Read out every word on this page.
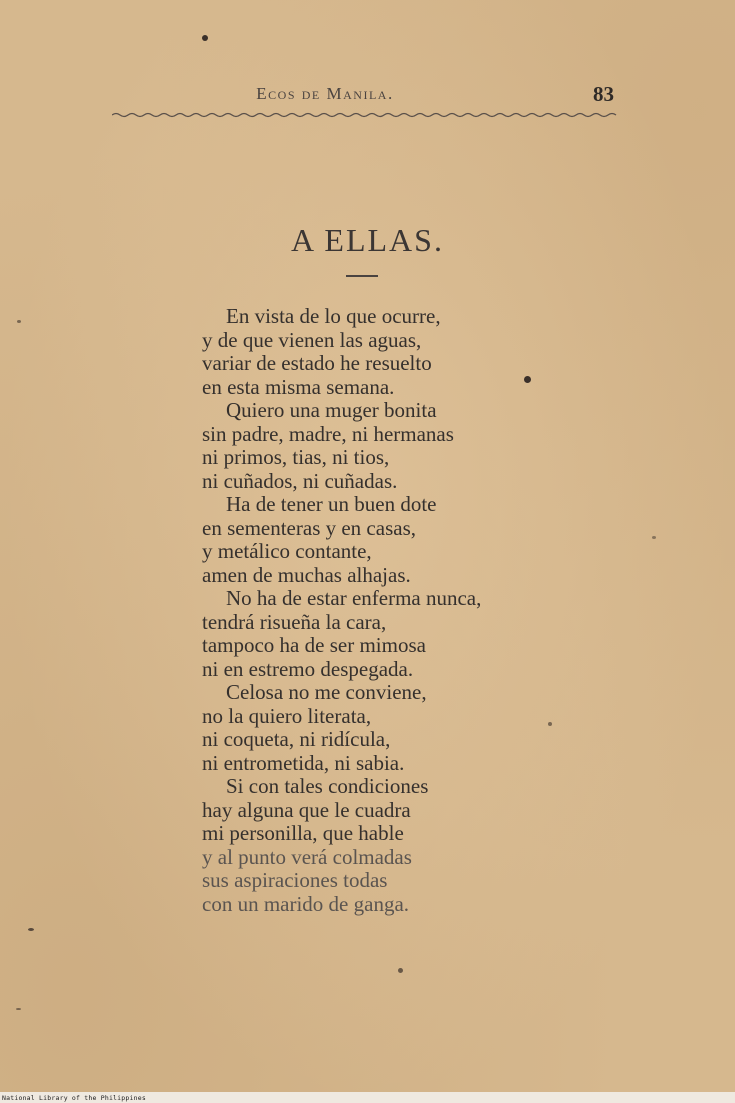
Ecos de Manila.	83
A ELLAS.
En vista de lo que ocurre,
y de que vienen las aguas,
variar de estado he resuelto
en esta misma semana.
Quiero una muger bonita
sin padre, madre, ni hermanas
ni primos, tias, ni tios,
ni cuñados, ni cuñadas.
Ha de tener un buen dote
en sementeras y en casas,
y metálico contante,
amen de muchas alhajas.
No ha de estar enferma nunca,
tendrá risueña la cara,
tampoco ha de ser mimosa
ni en estremo despegada.
Celosa no me conviene,
no la quiero literata,
ni coqueta, ni ridícula,
ni entrometida, ni sabia.
Si con tales condiciones
hay alguna que le cuadra
mi personilla, que hable
y al punto verá colmadas
sus aspiraciones todas
con un marido de ganga.
National Library of the Philippines
